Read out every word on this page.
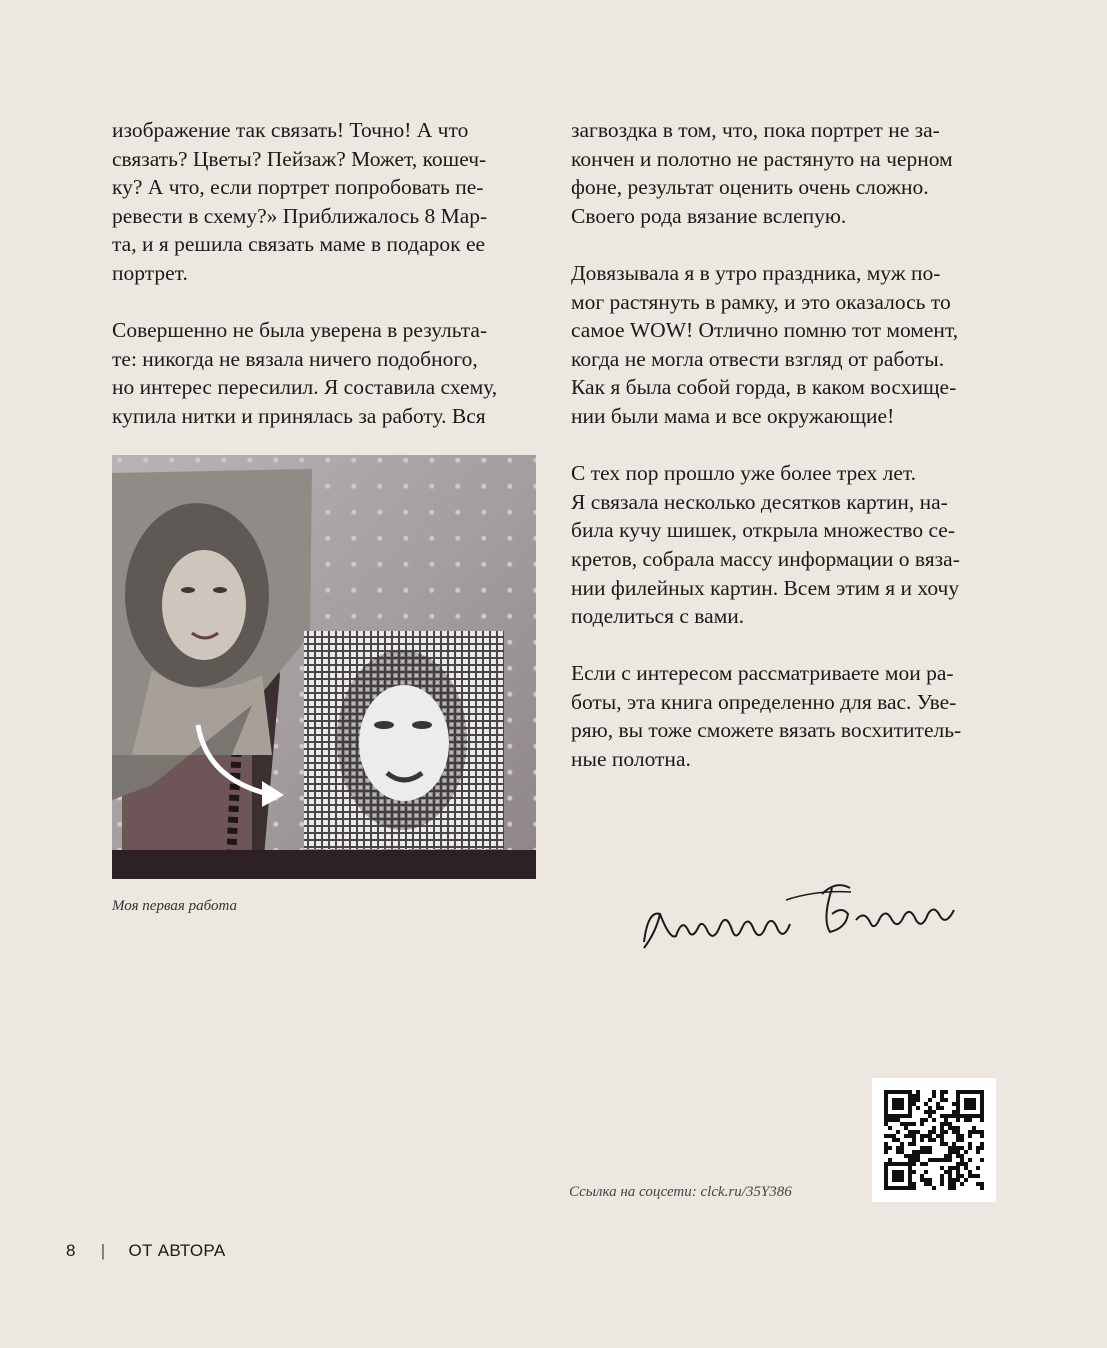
изображение так связать! Точно! А что
связать? Цветы? Пейзаж? Может, кошеч-
ку? А что, если портрет попробовать пе-
ревести в схему?» Приближалось 8 Мар-
та, и я решила связать маме в подарок ее
портрет.

Совершенно не была уверена в результа-
те: никогда не вязала ничего подобного,
но интерес пересилил. Я составила схему,
купила нитки и принялась за работу. Вся

загвоздка в том, что, пока портрет не за-
кончен и полотно не растянуто на черном
фоне, результат оценить очень сложно.
Своего рода вязание вслепую.

Довязывала я в утро праздника, муж по-
мог растянуть в рамку, и это оказалось то
самое WOW! Отлично помню тот момент,
когда не могла отвести взгляд от работы.
Как я была собой горда, в каком восхище-
нии были мама и все окружающие!

С тех пор прошло уже более трех лет.
Я связала несколько десятков картин, на-
била кучу шишек, открыла множество се-
кретов, собрала массу информации о вяза-
нии филейных картин. Всем этим я и хочу
поделиться с вами.

Если с интересом рассматриваете мои ра-
боты, эта книга определенно для вас. Уве-
ряю, вы тоже сможете вязать восхититель-
ные полотна.

Моя первая работа
Ссылка на соцсети: clck.ru/35Y386
8 | ОТ АВТОРА
